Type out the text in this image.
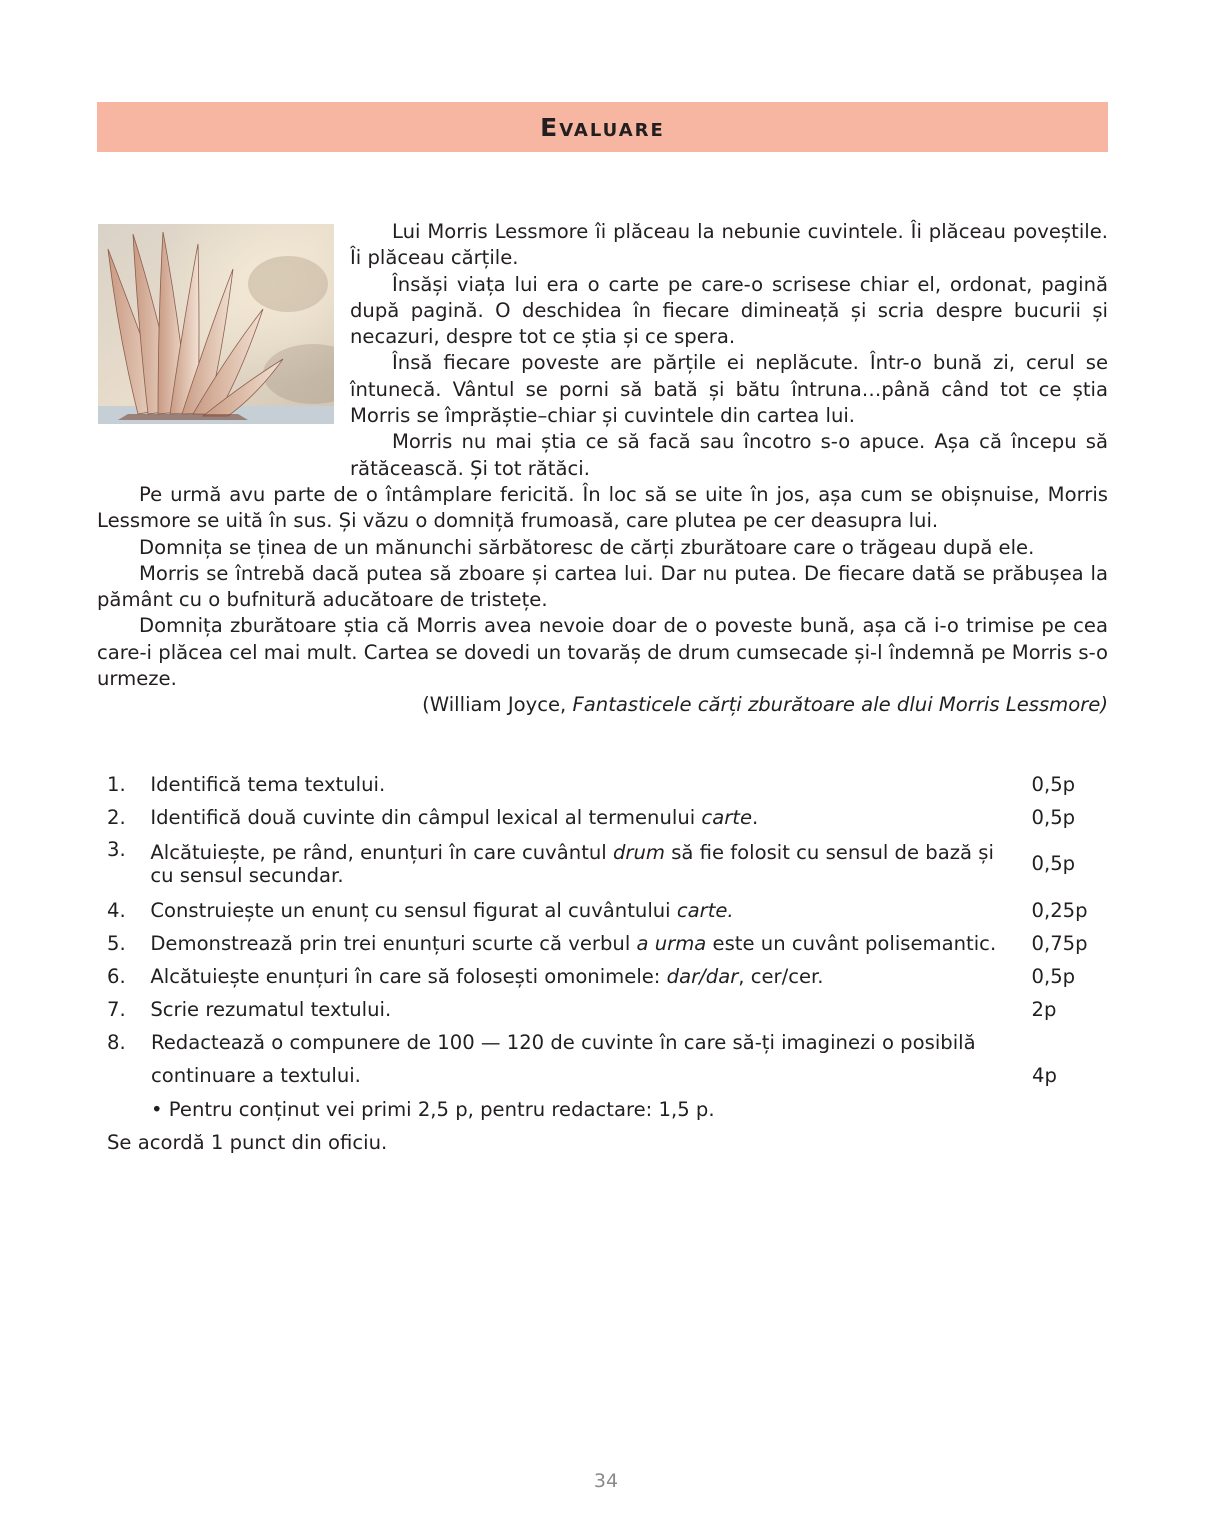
Evaluare

Lui Morris Lessmore îi plăceau la nebunie cuvintele. Îi plăceau poveștile. Îi plăceau cărțile.

Însăși viața lui era o carte pe care-o scrisese chiar el, ordonat, pagină după pagină. O deschidea în fiecare dimineață și scria despre bucurii și necazuri, despre tot ce știa și ce spera.

Însă fiecare poveste are părțile ei neplăcute. Într-o bună zi, cerul se întunecă. Vântul se porni să bată și bătu întruna…până când tot ce știa Morris se împrăștie–chiar și cuvintele din cartea lui.

Morris nu mai știa ce să facă sau încotro s-o apuce. Așa că începu să rătăcească. Și tot rătăci.

Pe urmă avu parte de o întâmplare fericită. În loc să se uite în jos, așa cum se obișnuise, Morris Lessmore se uită în sus. Și văzu o domniță frumoasă, care plutea pe cer deasupra lui.

Domnița se ținea de un mănunchi sărbătoresc de cărți zburătoare care o trăgeau după ele.

Morris se întrebă dacă putea să zboare și cartea lui. Dar nu putea. De fiecare dată se prăbușea la pământ cu o bufnitură aducătoare de tristețe.

Domnița zburătoare știa că Morris avea nevoie doar de o poveste bună, așa că i-o trimise pe cea care-i plăcea cel mai mult. Cartea se dovedi un tovarăș de drum cumsecade și-l îndemnă pe Morris s-o urmeze.

(William Joyce, Fantasticele cărți zburătoare ale dlui Morris Lessmore)

1.	Identifică tema textului.	0,5p
2.	Identifică două cuvinte din câmpul lexical al termenului carte.	0,5p
3.	Alcătuiește, pe rând, enunțuri în care cuvântul drum să fie folosit cu sensul de bază și cu sensul secundar.	0,5p
4.	Construiește un enunț cu sensul figurat al cuvântului carte.	0,25p
5.	Demonstrează prin trei enunțuri scurte că verbul a urma este un cuvânt polisemantic.	0,75p
6.	Alcătuiește enunțuri în care să folosești omonimele: dar/dar, cer/cer.	0,5p
7.	Scrie rezumatul textului.	2p
8. Redactează o compunere de 100 — 120 de cuvinte în care să-ți imaginezi o posibilă
continuare a textului.	4p
• Pentru conținut vei primi 2,5 p, pentru redactare: 1,5 p.
Se acordă 1 punct din oficiu.
34
